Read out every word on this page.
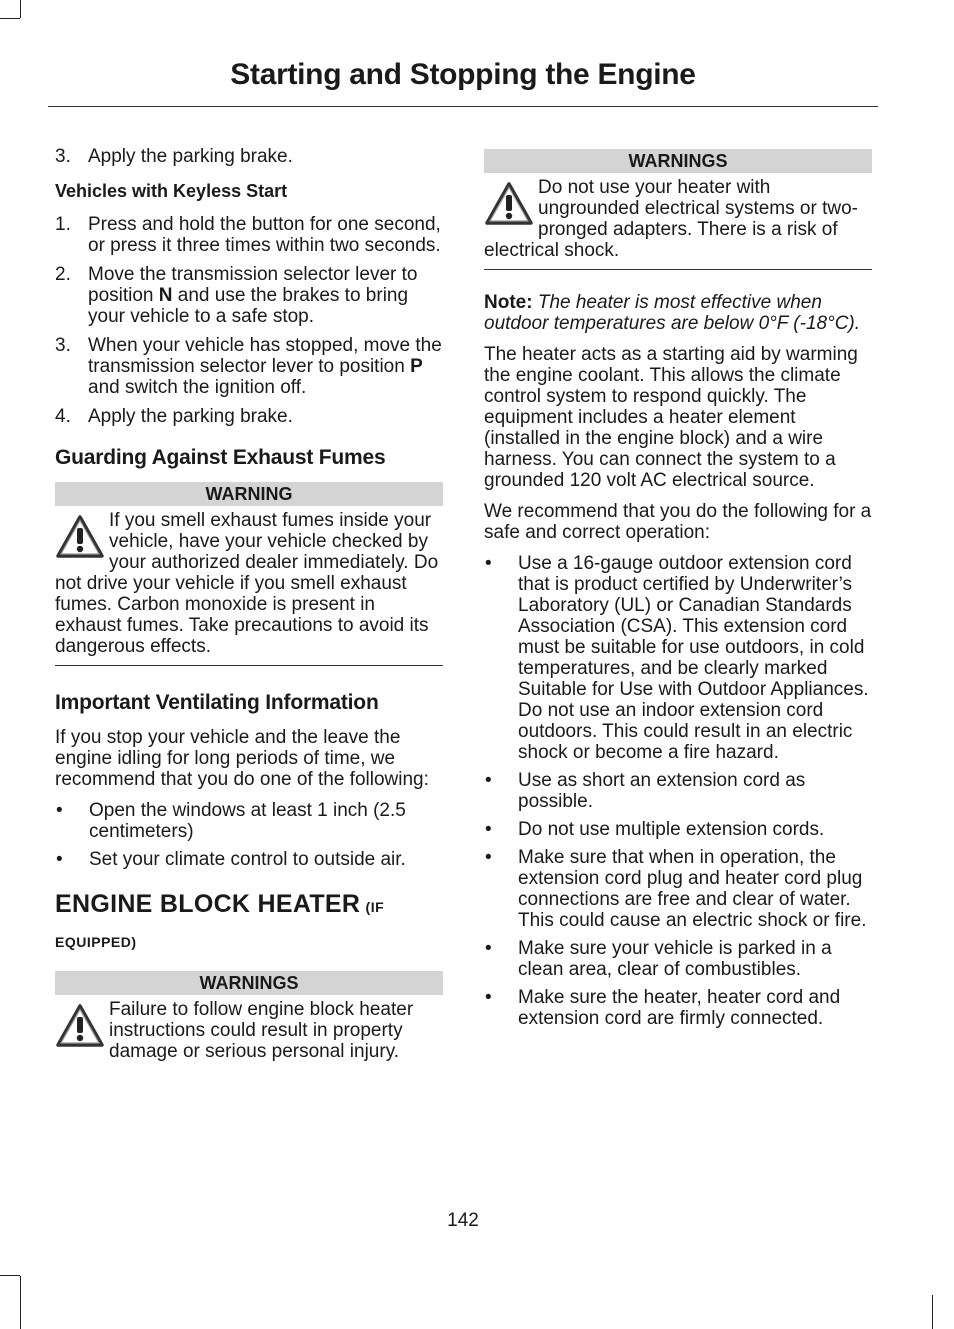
Starting and Stopping the Engine
3. Apply the parking brake.
Vehicles with Keyless Start
1. Press and hold the button for one second, or press it three times within two seconds.
2. Move the transmission selector lever to position N and use the brakes to bring your vehicle to a safe stop.
3. When your vehicle has stopped, move the transmission selector lever to position P and switch the ignition off.
4. Apply the parking brake.
Guarding Against Exhaust Fumes
WARNING
If you smell exhaust fumes inside your vehicle, have your vehicle checked by your authorized dealer immediately. Do not drive your vehicle if you smell exhaust fumes. Carbon monoxide is present in exhaust fumes. Take precautions to avoid its dangerous effects.
Important Ventilating Information
If you stop your vehicle and the leave the engine idling for long periods of time, we recommend that you do one of the following:
•	Open the windows at least 1 inch (2.5 centimeters)
•	Set your climate control to outside air.
ENGINE BLOCK HEATER (IF
EQUIPPED)
WARNINGS
Failure to follow engine block heater instructions could result in property damage or serious personal injury.
WARNINGS
Do not use your heater with ungrounded electrical systems or two-pronged adapters. There is a risk of electrical shock.
Note: The heater is most effective when outdoor temperatures are below 0°F (-18°C).
The heater acts as a starting aid by warming the engine coolant. This allows the climate control system to respond quickly. The equipment includes a heater element (installed in the engine block) and a wire harness. You can connect the system to a grounded 120 volt AC electrical source.
We recommend that you do the following for a safe and correct operation:
•	Use a 16-gauge outdoor extension cord that is product certified by Underwriter’s Laboratory (UL) or Canadian Standards Association (CSA). This extension cord must be suitable for use outdoors, in cold temperatures, and be clearly marked Suitable for Use with Outdoor Appliances. Do not use an indoor extension cord outdoors. This could result in an electric shock or become a fire hazard.
•	Use as short an extension cord as possible.
•	Do not use multiple extension cords.
•	Make sure that when in operation, the extension cord plug and heater cord plug connections are free and clear of water. This could cause an electric shock or fire.
•	Make sure your vehicle is parked in a clean area, clear of combustibles.
•	Make sure the heater, heater cord and extension cord are firmly connected.
142
